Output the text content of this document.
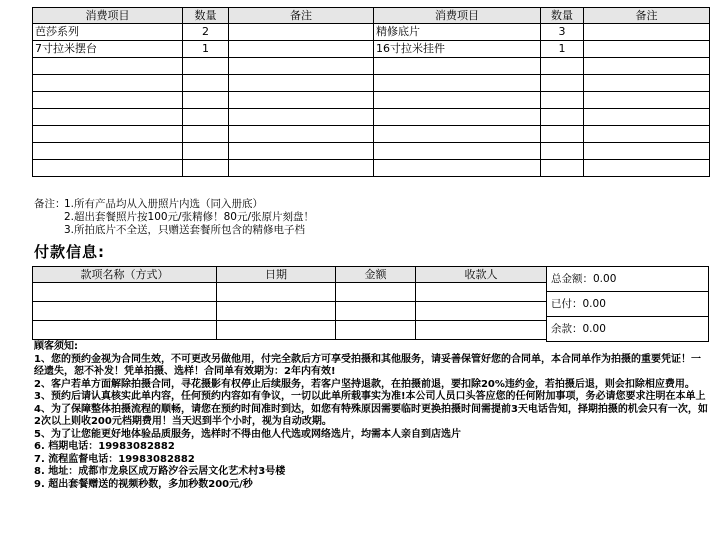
消费项目	数量	备注	消费项目	数量	备注
芭莎系列	2		精修底片	3	
7寸拉米摆台	1		16寸拉米挂件	1	

备注：1.所有产品均从入册照片内选（同入册底）
2.超出套餐照片按100元/张精修！80元/张原片刻盘！
3.所拍底片不全送，只赠送套餐所包含的精修电子档
付款信息:
款项名称（方式）	日期	金额	收款人

				总金额：0.00
已付：0.00
余款：0.00
顾客须知:
1、您的预约金视为合同生效，不可更改另做他用，付完全款后方可享受拍摄和其他服务，请妥善保管好您的合同单，本合同单作为拍摄的重要凭证！一经遗失，恕不补发！凭单拍摄、选样！合同单有效期为：2年内有效!
2、客户若单方面解除拍摄合同，寻花摄影有权停止后续服务，若客户坚持退款，在拍摄前退，要扣除20%违约金，若拍摄后退，则会扣除相应费用。
3、预约后请认真核实此单内容，任何预约内容如有争议，一切以此单所载事实为准!本公司人员口头答应您的任何附加事项，务必请您要求注明在本单上
4、为了保障整体拍摄流程的顺畅，请您在预约时间准时到达，如您有特殊原因需要临时更换拍摄时间需提前3天电话告知，择期拍摄的机会只有一次，如2次以上则收200元档期费用！当天迟到半个小时，视为自动改期。
5、为了让您能更好地体验品质服务，选样时不得由他人代选或网络选片，均需本人亲自到店选片
6. 档期电话：19983082882
7. 流程监督电话：19983082882
8. 地址：成都市龙泉区成万路汐谷云居文化艺术村3号楼
9. 超出套餐赠送的视频秒数，多加秒数200元/秒
